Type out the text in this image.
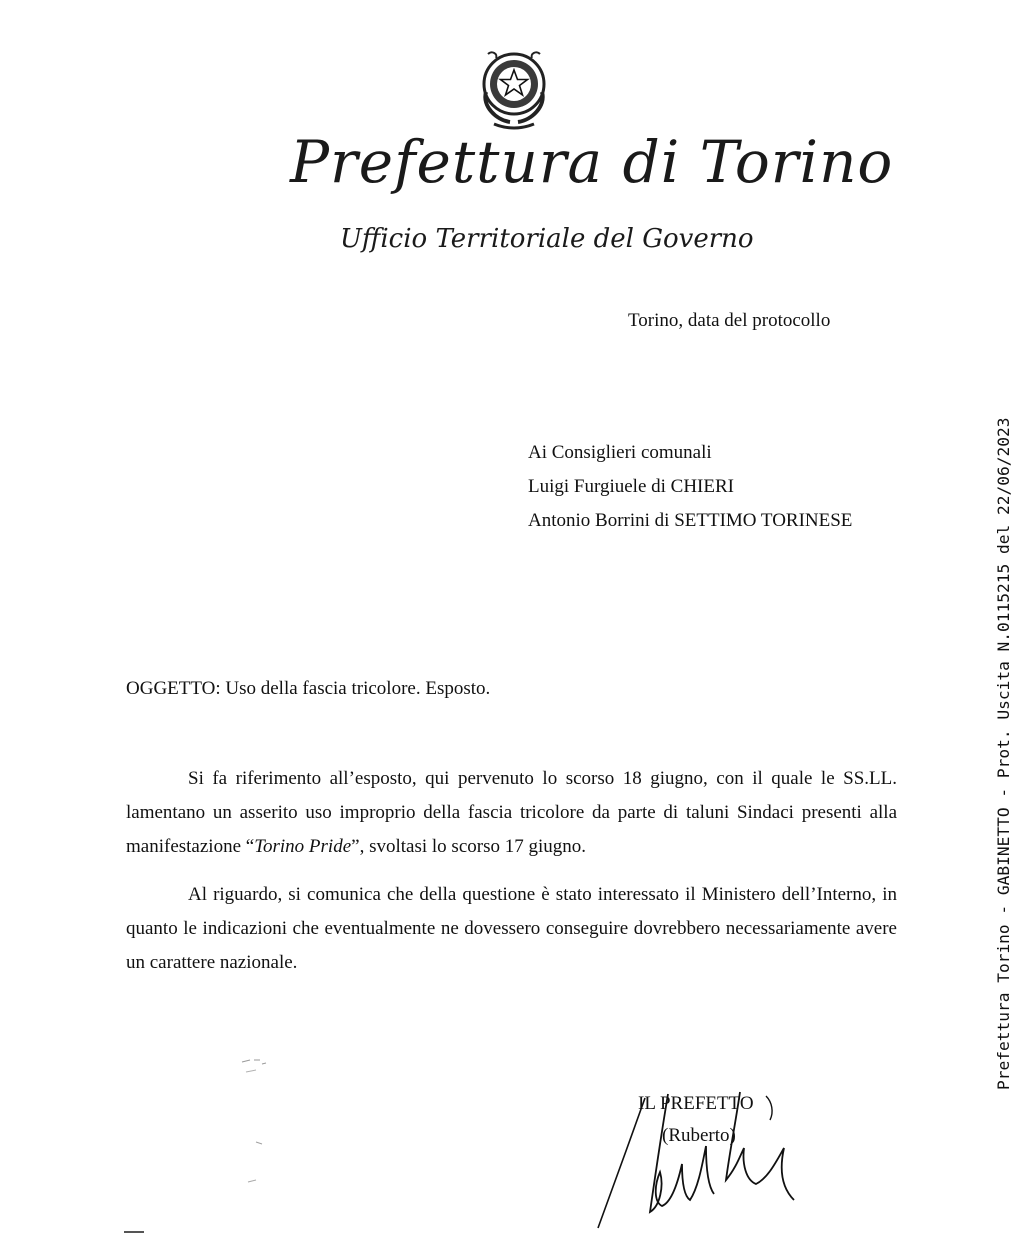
Prefettura di Torino
Ufficio Territoriale del Governo
Torino, data del protocollo
Ai Consiglieri comunali
Luigi Furgiuele di CHIERI
Antonio Borrini di SETTIMO TORINESE
OGGETTO: Uso della fascia tricolore. Esposto.

Si fa riferimento all’esposto, qui pervenuto lo scorso 18 giugno, con il quale le SS.LL. lamentano un asserito uso improprio della fascia tricolore da parte di taluni Sindaci presenti alla manifestazione “Torino Pride”, svoltasi lo scorso 17 giugno.

Al riguardo, si comunica che della questione è stato interessato il Ministero dell’Interno, in quanto le indicazioni che eventualmente ne dovessero conseguire dovrebbero necessariamente avere un carattere nazionale.

IL PREFETTO
(Ruberto)
Prefettura Torino - GABINETTO - Prot. Uscita N.0115215 del 22/06/2023
